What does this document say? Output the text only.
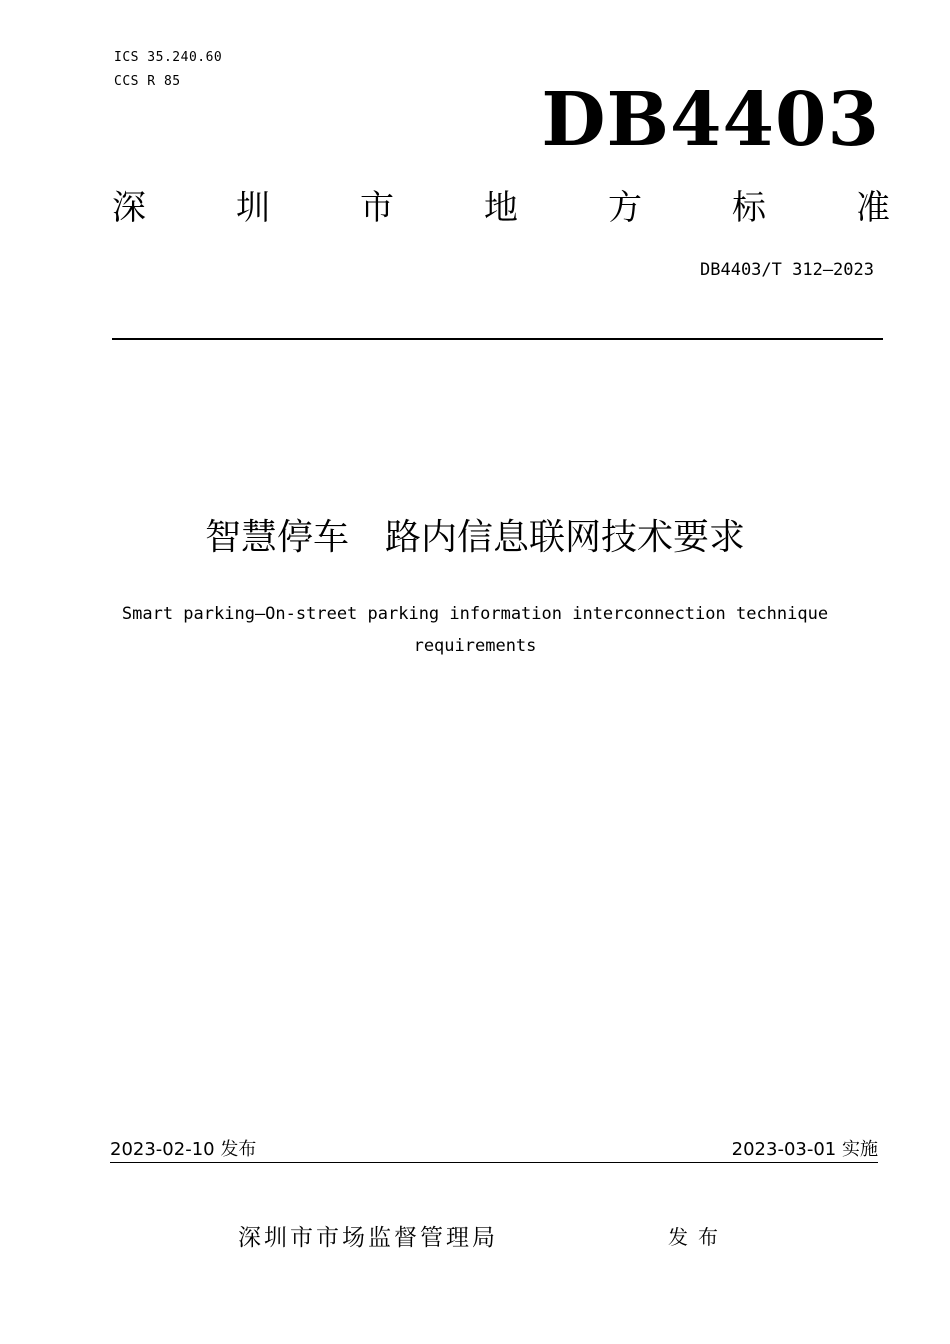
ICS 35.240.60
CCS R 85	DB4403
深	圳	市	地	方	标	准
DB4403/T 312—2023
智慧停车 路内信息联网技术要求
Smart parking—On-street parking information interconnection technique requirements
2023-02-10 发布	2023-03-01 实施
深圳市市场监督管理局	发布
